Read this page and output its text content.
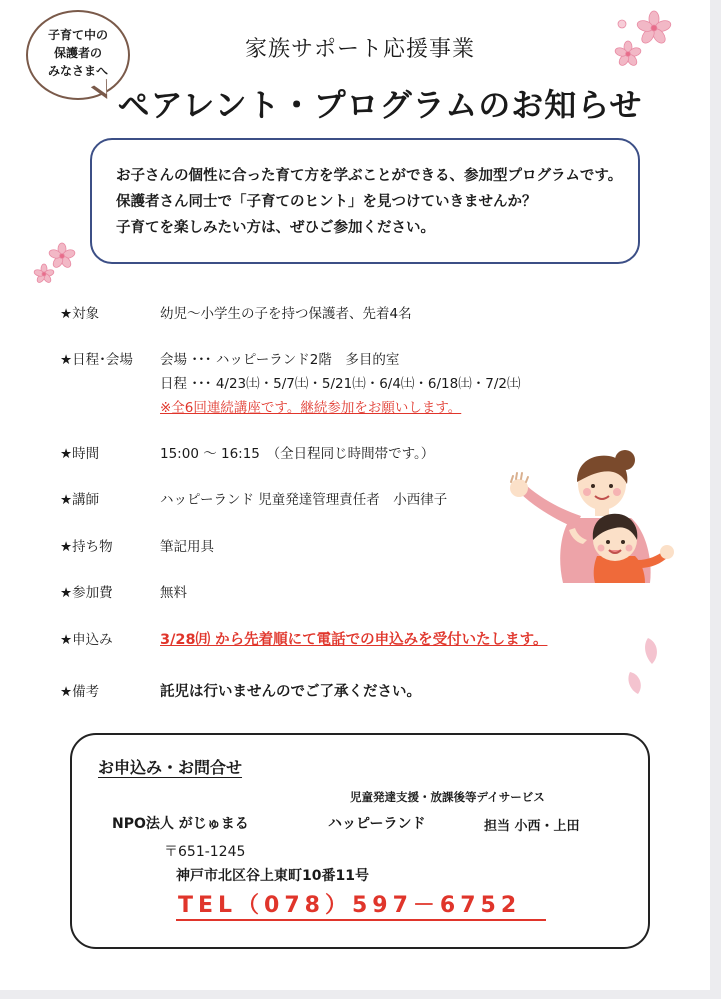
子育て中の
保護者の
みなさまへ
家族サポート応援事業
ペアレント・プログラムのお知らせ

お子さんの個性に合った育て方を学ぶことができる、参加型プログラムです。

保護者さん同士で「子育てのヒント」を見つけていきませんか？

子育てを楽しみたい方は、ぜひご参加ください。

★対象	幼児～小学生の子を持つ保護者、先着4名
★日程･会場	会場 ･･･ ハッピーランド2階　多目的室
日程 ･･･ 4/23㈯・5/7㈯・5/21㈯・6/4㈯・6/18㈯・7/2㈯
※全6回連続講座です。継続参加をお願いします。
★時間	15:00 ～ 16:15　（全日程同じ時間帯です。）
★講師	ハッピーランド 児童発達管理責任者　小西律子
★持ち物	筆記用具
★参加費	無料
★申込み	3/28㈪ から先着順にて電話での申込みを受付いたします。
★備考	託児は行いませんのでご了承ください。
お申込み・お問合せ
児童発達支援・放課後等デイサービス
NPO法人 がじゅまる	ハッピーランド	担当 小西・上田
〒651-1245
神戸市北区谷上東町10番11号
TEL（078）597－6752
